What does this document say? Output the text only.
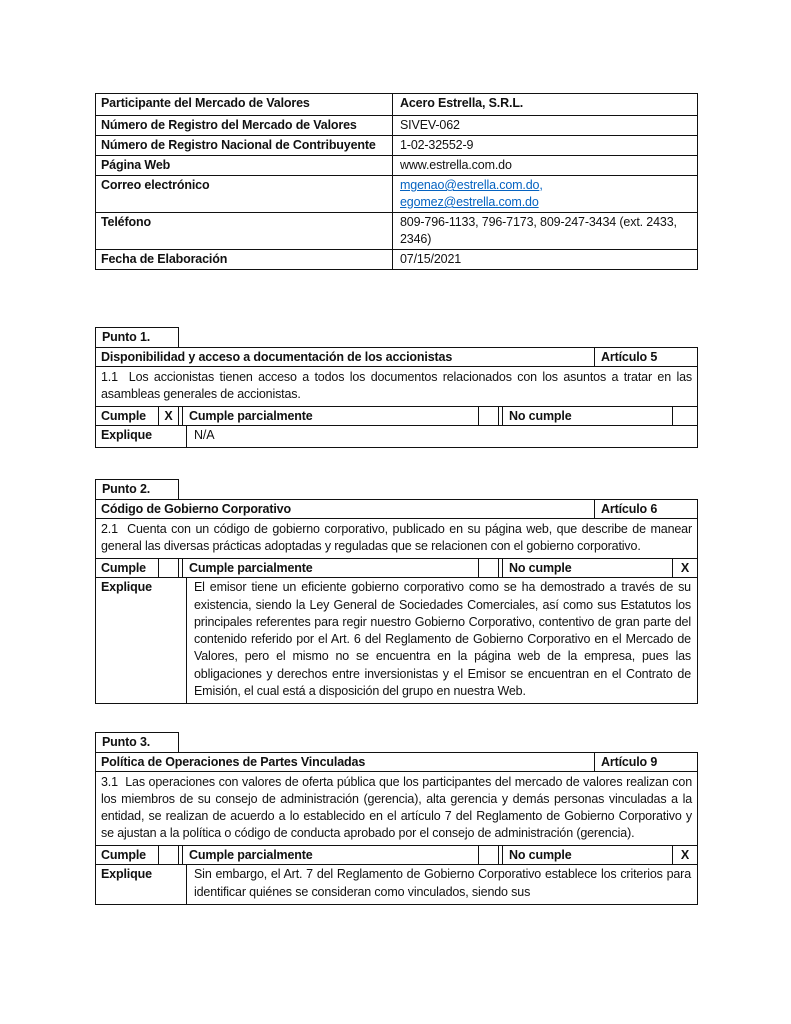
Participante del Mercado de Valores	Acero Estrella, S.R.L.
Número de Registro del Mercado de Valores	SIVEV-062
Número de Registro Nacional de Contribuyente	1-02-32552-9
Página Web	www.estrella.com.do
Correo electrónico	mgenao@estrella.com.do,
egomez@estrella.com.do
Teléfono	809-796-1133, 796-7173, 809-247-3434 (ext. 2433, 2346)
Fecha de Elaboración	07/15/2021
Punto 1.
Disponibilidad y acceso a documentación de los accionistas	Artículo 5
1.1  Los accionistas tienen acceso a todos los documentos relacionados con los asuntos a tratar en las asambleas generales de accionistas.
Cumple	X	Cumple parcialmente	No cumple
Explique	N/A
Punto 2.
Código de Gobierno Corporativo	Artículo 6
2.1  Cuenta con un código de gobierno corporativo, publicado en su página web, que describe de manear general las diversas prácticas adoptadas y reguladas que se relacionen con el gobierno corporativo.
Cumple	Cumple parcialmente	No cumple	X
Explique	El emisor tiene un eficiente gobierno corporativo como se ha demostrado a través de su existencia, siendo la Ley General de Sociedades Comerciales, así como sus Estatutos los principales referentes para regir nuestro Gobierno Corporativo, contentivo de gran parte del contenido referido por el Art. 6 del Reglamento de Gobierno Corporativo en el Mercado de Valores, pero el mismo no se encuentra en la página web de la empresa, pues las obligaciones y derechos entre inversionistas y el Emisor se encuentran en el Contrato de Emisión, el cual está a disposición del grupo en nuestra Web.
Punto 3.
Política de Operaciones de Partes Vinculadas	Artículo 9
3.1  Las operaciones con valores de oferta pública que los participantes del mercado de valores realizan con los miembros de su consejo de administración (gerencia), alta gerencia y demás personas vinculadas a la entidad, se realizan de acuerdo a lo establecido en el artículo 7 del Reglamento de Gobierno Corporativo y se ajustan a la política o código de conducta aprobado por el consejo de administración (gerencia).
Cumple	Cumple parcialmente	No cumple	X
Explique	Sin embargo, el Art. 7 del Reglamento de Gobierno Corporativo establece los criterios para identificar quiénes se consideran como vinculados, siendo sus
